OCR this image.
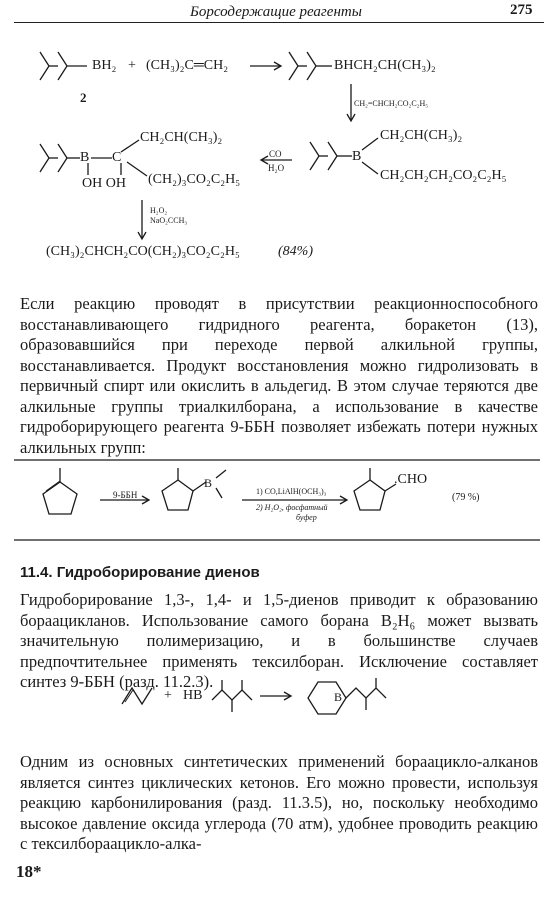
Борсодержащие реагенты	275
BH₂ + (CH₃)₂C═CH₂	BHCH₂CH(CH₃)₂
2	CH₂=CHCH₂CO₂C₂H₅
B
CH₂CH(CH₃)₂
CH₂CH₂CH₂CO₂C₂H₅
CO
H₂O
B C
CH₂CH(CH₃)₂
(CH₂)₃CO₂C₂H₅
OH OH
H₂O₂
NaO₂CCH₃
(CH₃)₂CHCH₂CO(CH₂)₃CO₂C₂H₅	(84%)
Если реакцию проводят в присутствии реакционноспособного восстанавливающего гидридного реагента, боракетон (13), образовавшийся при переходе первой алкильной группы, восстанавливается. Продукт восстановления можно гидролизовать в первичный спирт или окислить в альдегид. В этом случае теряются две алкильные группы триалкилборана, а использование в качестве гидроборирующего реагента 9-ББН позволяет избежать потери нужных алкильных групп:
9-ББН
B
1) CO,LiAlH(OCH₃)₃
2) H₂O₂, фосфатный
буфер
.CHO
(79 %)
11.4. Гидроборирование диенов
Гидроборирование 1,3-, 1,4- и 1,5-диенов приводит к образованию бораацикланов. Использование самого борана B₂H₆ может вызвать значительную полимеризацию, и в большинстве случаев предпочтительнее применять тексилборан. Исключение составляет синтез 9-ББН (разд. 11.2.3).
+ HB	B
Одним из основных синтетических применений бораацикло-алканов является синтез циклических кетонов. Его можно провести, используя реакцию карбонилирования (разд. 11.3.5), но, поскольку необходимо высокое давление оксида углерода (70 атм), удобнее проводить реакцию с тексилбораацикло-алка-
18*
